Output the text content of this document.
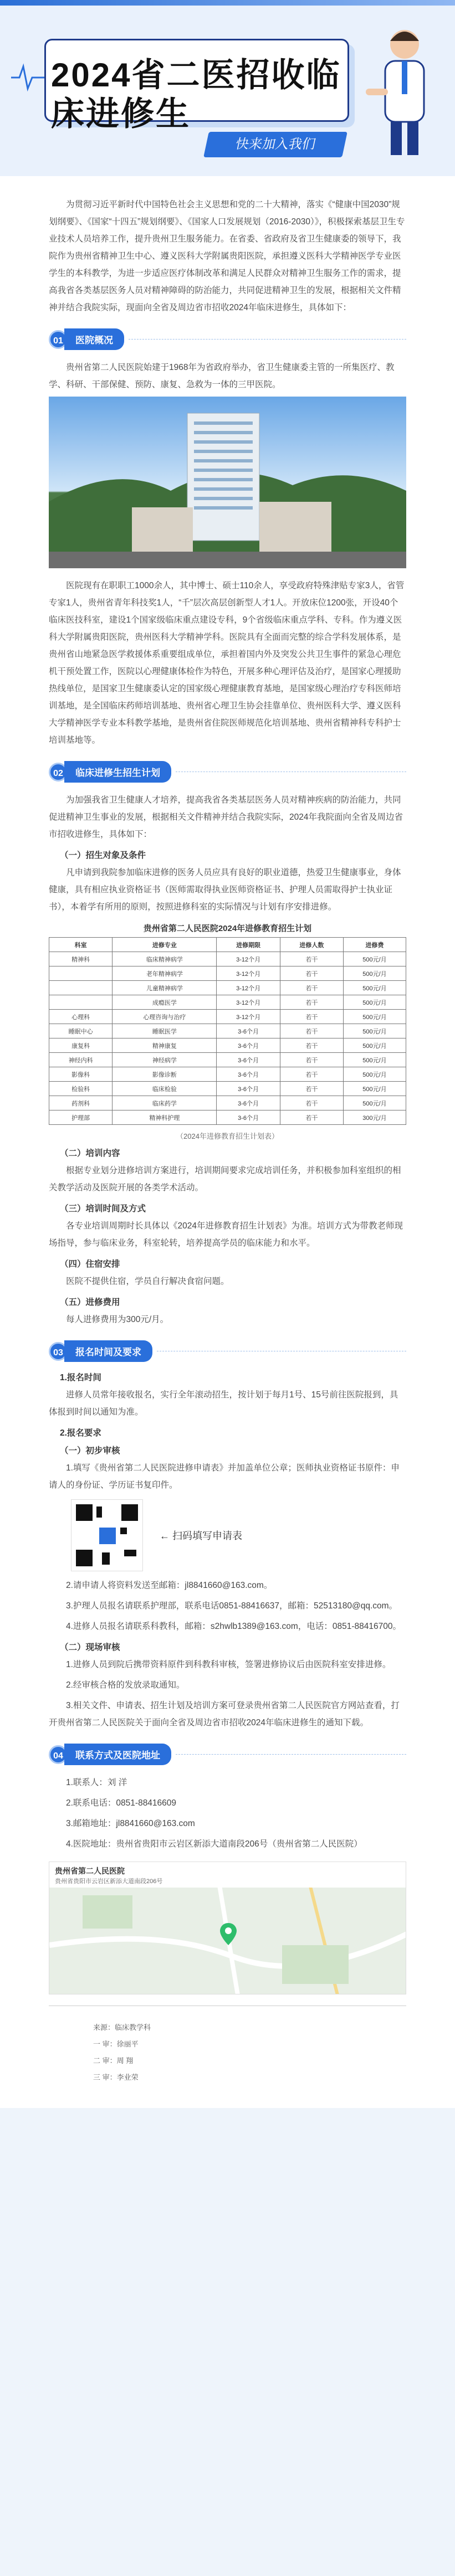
2024省二医招收临
床进修生
快来加入我们

为贯彻习近平新时代中国特色社会主义思想和党的二十大精神，落实《“健康中国2030”规划纲要》、《国家“十四五”规划纲要》、《国家人口发展规划（2016-2030）》，积极探索基层卫生专业技术人员培养工作，提升贵州卫生服务能力。在省委、省政府及省卫生健康委的领导下，我院作为贵州省精神卫生中心、遵义医科大学附属贵阳医院，承担遵义医科大学精神医学专业医学生的本科教学，为进一步适应医疗体制改革和满足人民群众对精神卫生服务工作的需求，提高我省各类基层医务人员对精神障碍的防治能力，共同促进精神卫生的发展，根据相关文件精神并结合我院实际，现面向全省及周边省市招收2024年临床进修生，具体如下：

01	医院概况

贵州省第二人民医院始建于1968年为省政府举办，省卫生健康委主管的一所集医疗、教学、科研、干部保健、预防、康复、急救为一体的三甲医院。

医院现有在职职工1000余人，其中博士、硕士110余人，享受政府特殊津贴专家3人，省管专家1人，贵州省青年科技奖1人，“千”层次高层创新型人才1人。开放床位1200张，开设40个临床医技科室，建设1个国家级临床重点建设专科，9个省级临床重点学科、专科。作为遵义医科大学附属贵阳医院，贵州医科大学精神学科。医院具有全面而完整的综合学科发展体系，是贵州省山地紧急医学救援体系重要组成单位，承担着国内外及突发公共卫生事件的紧急心理危机干预处置工作，医院以心理健康体检作为特色，开展多种心理评估及治疗，是国家心理援助热线单位，是国家卫生健康委认定的国家级心理健康教育基地，是国家级心理治疗专科医师培训基地，是全国临床药师培训基地、贵州省心理卫生协会挂靠单位、贵州医科大学、遵义医科大学精神医学专业本科教学基地，是贵州省住院医师规范化培训基地、贵州省精神科专科护士培训基地等。

02	临床进修生招生计划

为加强我省卫生健康人才培养，提高我省各类基层医务人员对精神疾病的防治能力，共同促进精神卫生事业的发展，根据相关文件精神并结合我院实际，2024年我院面向全省及周边省市招收进修生，具体如下：

（一）招生对象及条件

凡申请到我院参加临床进修的医务人员应具有良好的职业道德，热爱卫生健康事业，身体健康，具有相应执业资格证书（医师需取得执业医师资格证书、护理人员需取得护士执业证书），本着学有所用的原则，按照进修科室的实际情况与计划有序安排进修。

贵州省第二人民医院2024年进修教育招生计划
科室	进修专业	进修期限	进修人数	进修费
精神科	临床精神病学	3-12个月	若干	500元/月
	老年精神病学	3-12个月	若干	500元/月
	儿童精神病学	3-12个月	若干	500元/月
	成瘾医学	3-12个月	若干	500元/月
心理科	心理咨询与治疗	3-12个月	若干	500元/月
睡眠中心	睡眠医学	3-6个月	若干	500元/月
康复科	精神康复	3-6个月	若干	500元/月
神经内科	神经病学	3-6个月	若干	500元/月
影像科	影像诊断	3-6个月	若干	500元/月
检验科	临床检验	3-6个月	若干	500元/月
药剂科	临床药学	3-6个月	若干	500元/月
护理部	精神科护理	3-6个月	若干	300元/月
（2024年进修教育招生计划表）
（二）培训内容

根据专业划分进修培训方案进行，培训期间要求完成培训任务，并积极参加科室组织的相关教学活动及医院开展的各类学术活动。

（三）培训时间及方式

各专业培训周期时长具体以《2024年进修教育招生计划表》为准。培训方式为带教老师现场指导，参与临床业务，科室轮转，培养提高学员的临床能力和水平。

（四）住宿安排

医院不提供住宿，学员自行解决食宿问题。

（五）进修费用

每人进修费用为300元/月。

03	报名时间及要求
1.报名时间

进修人员常年接收报名，实行全年滚动招生，按计划于每月1号、15号前往医院报到，具体报到时间以通知为准。

2.报名要求
（一）初步审核

1.填写《贵州省第二人民医院进修申请表》并加盖单位公章；医师执业资格证书原件：申请人的身份证、学历证书复印件。

← 扫码填写申请表

2.请申请人将资料发送至邮箱：jl8841660@163.com。

3.护理人员报名请联系护理部，联系电话0851-88416637，邮箱：52513180@qq.com。

4.进修人员报名请联系科教科，邮箱：s2hwlb1389@163.com，电话：0851-88416700。

（二）现场审核

1.进修人员到院后携带资料原件到科教科审核，签署进修协议后由医院科室安排进修。

2.经审核合格的发放录取通知。

3.相关文件、申请表、招生计划及培训方案可登录贵州省第二人民医院官方网站查看，打开贵州省第二人民医院关于面向全省及周边省市招收2024年临床进修生的通知下载。

04	联系方式及医院地址

1.联系人：刘 洋

2.联系电话：0851-88416609

3.邮箱地址：jl8841660@163.com

4.医院地址：贵州省贵阳市云岩区新添大道南段206号（贵州省第二人民医院）

贵州省第二人民医院
贵州省贵阳市云岩区新添大道南段206号
来源：临床教学科
一 审：徐丽平
二 审：周 翔
三 审：李业荣
